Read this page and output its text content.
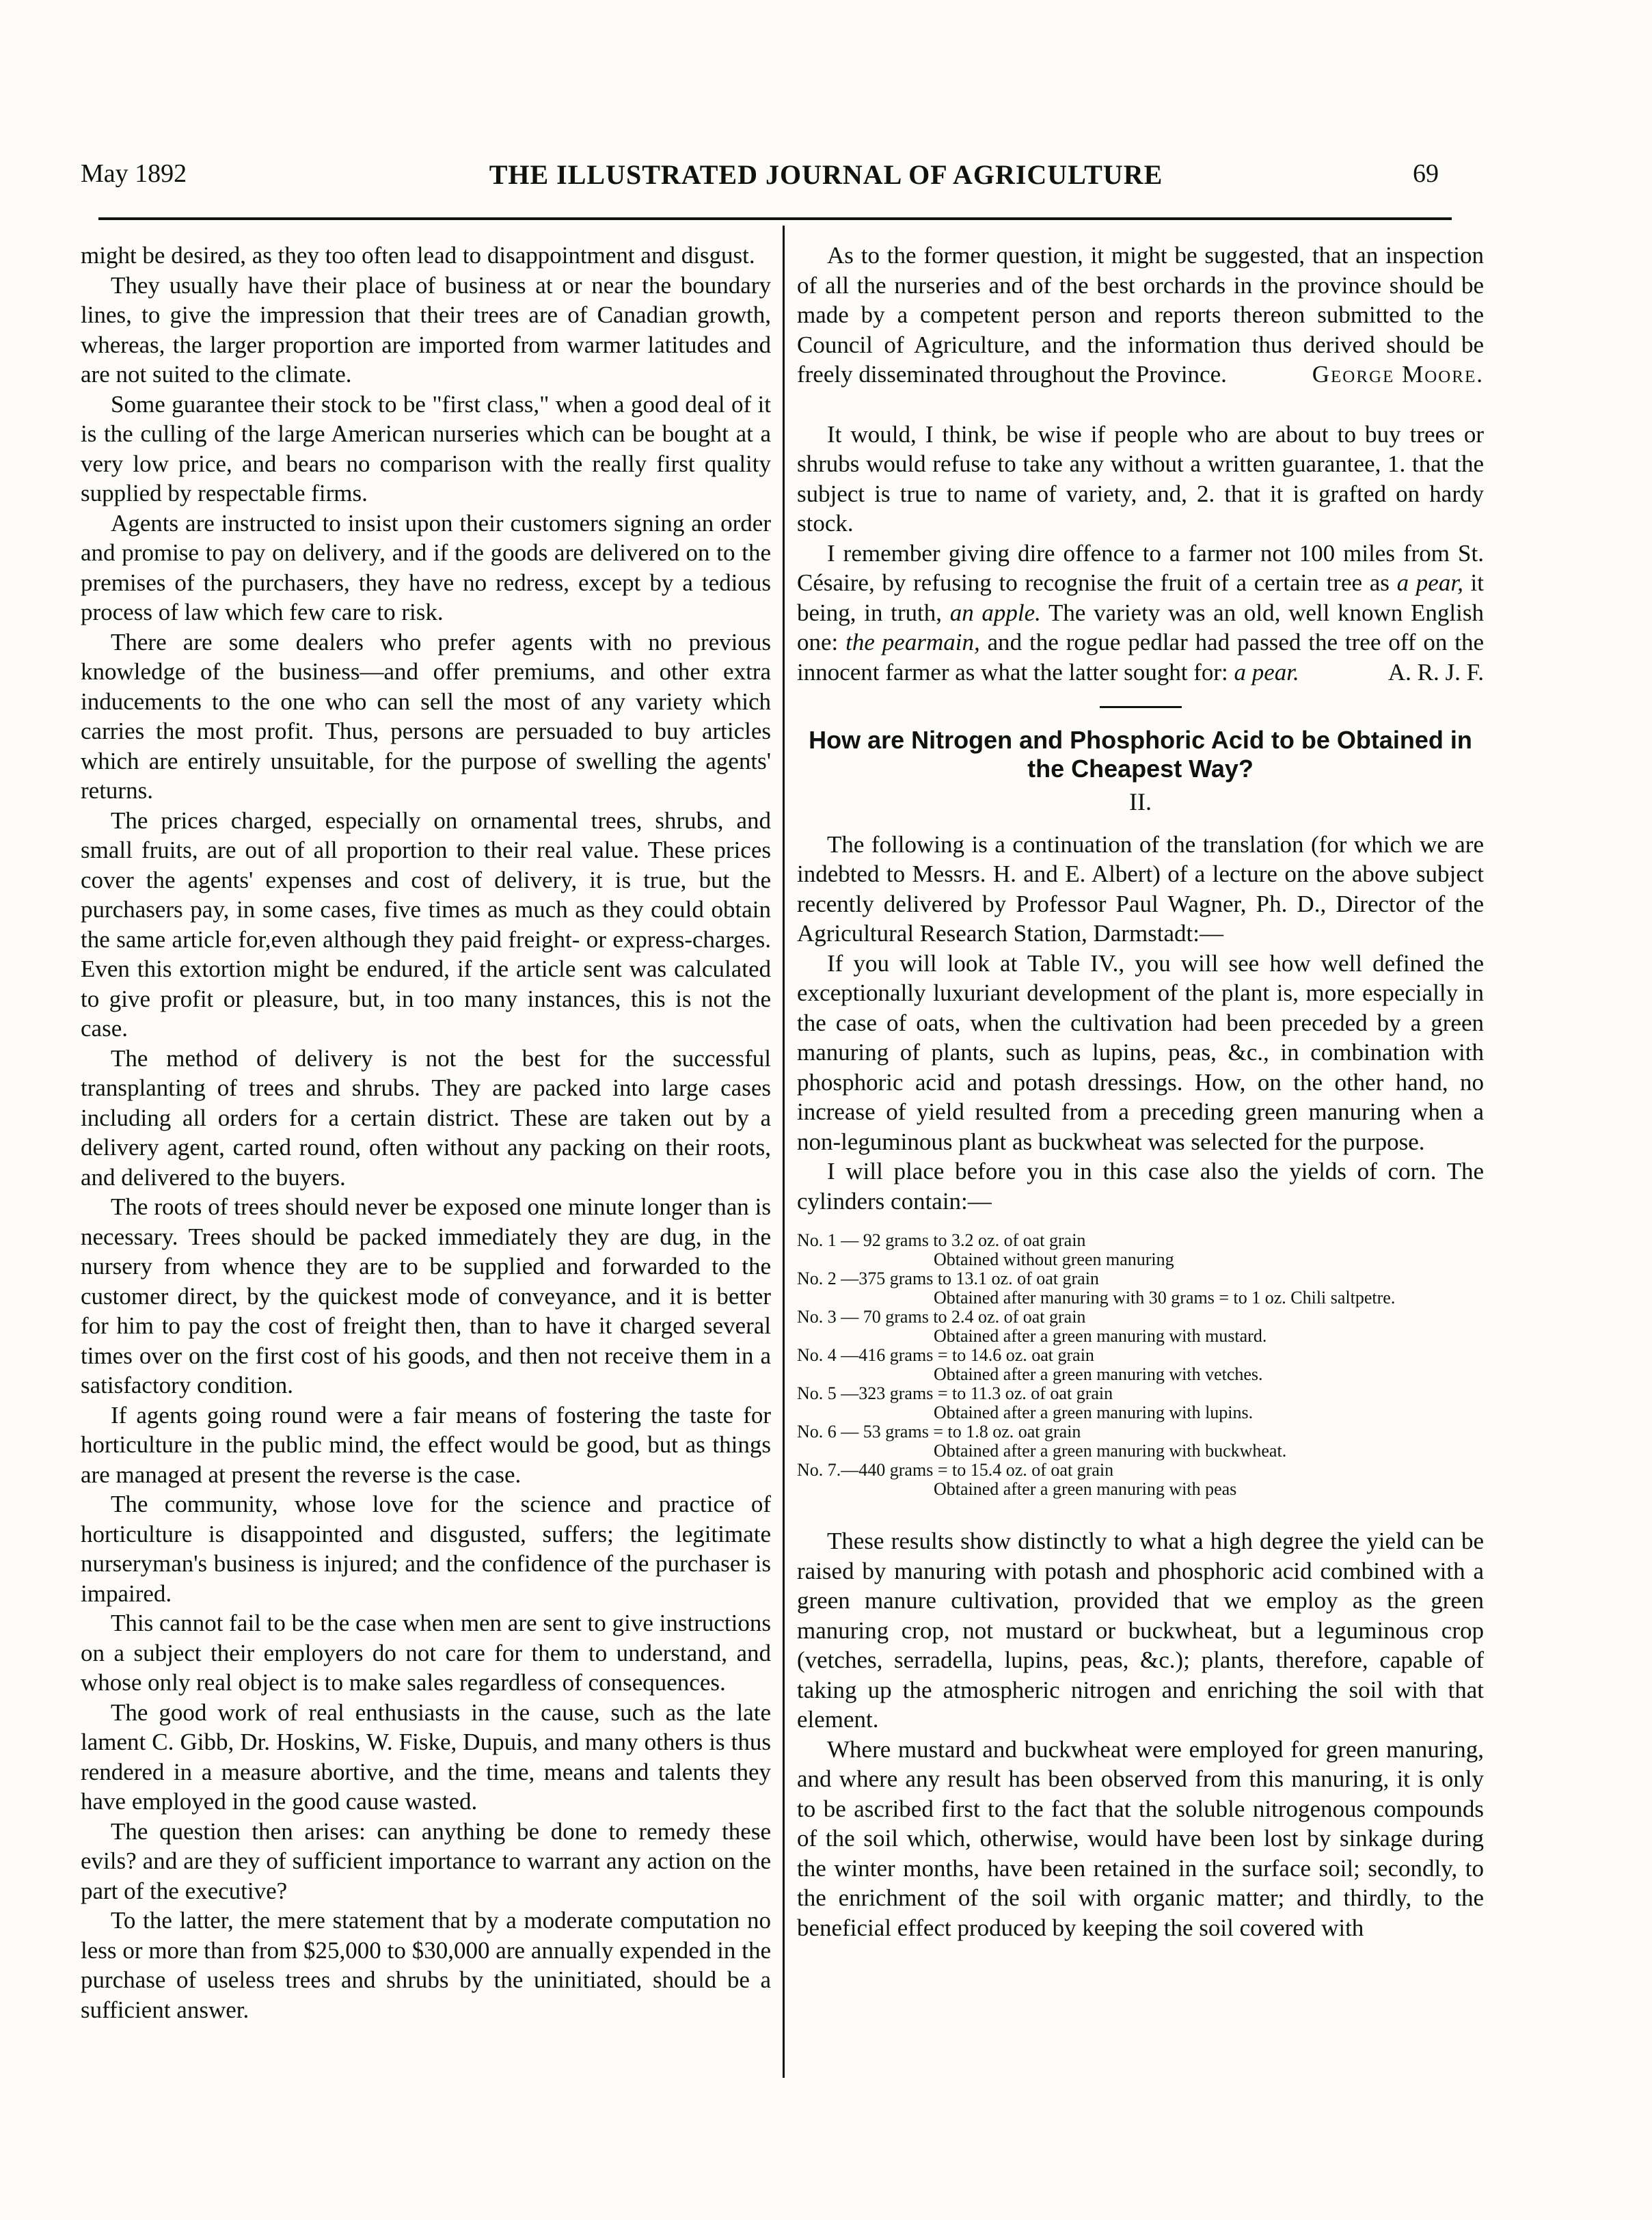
May 1892	THE ILLUSTRATED JOURNAL OF AGRICULTURE	69

might be desired, as they too often lead to disappointment and disgust.

They usually have their place of business at or near the boundary lines, to give the impression that their trees are of Canadian growth, whereas, the larger proportion are imported from warmer latitudes and are not suited to the climate.

Some guarantee their stock to be "first class," when a good deal of it is the culling of the large American nurseries which can be bought at a very low price, and bears no comparison with the really first quality supplied by respectable firms.

Agents are instructed to insist upon their customers signing an order and promise to pay on delivery, and if the goods are delivered on to the premises of the purchasers, they have no redress, except by a tedious process of law which few care to risk.

There are some dealers who prefer agents with no previous knowledge of the business—and offer premiums, and other extra inducements to the one who can sell the most of any variety which carries the most profit. Thus, persons are persuaded to buy articles which are entirely unsuitable, for the purpose of swelling the agents' returns.

The prices charged, especially on ornamental trees, shrubs, and small fruits, are out of all proportion to their real value. These prices cover the agents' expenses and cost of delivery, it is true, but the purchasers pay, in some cases, five times as much as they could obtain the same article for,even although they paid freight- or express-charges. Even this extortion might be endured, if the article sent was calculated to give profit or pleasure, but, in too many instances, this is not the case.

The method of delivery is not the best for the successful transplanting of trees and shrubs. They are packed into large cases including all orders for a certain district. These are taken out by a delivery agent, carted round, often without any packing on their roots, and delivered to the buyers.

The roots of trees should never be exposed one minute longer than is necessary. Trees should be packed immediately they are dug, in the nursery from whence they are to be supplied and forwarded to the customer direct, by the quickest mode of conveyance, and it is better for him to pay the cost of freight then, than to have it charged several times over on the first cost of his goods, and then not receive them in a satisfactory condition.

If agents going round were a fair means of fostering the taste for horticulture in the public mind, the effect would be good, but as things are managed at present the reverse is the case.

The community, whose love for the science and practice of horticulture is disappointed and disgusted, suffers; the legitimate nurseryman's business is injured; and the confidence of the purchaser is impaired.

This cannot fail to be the case when men are sent to give instructions on a subject their employers do not care for them to understand, and whose only real object is to make sales regardless of consequences.

The good work of real enthusiasts in the cause, such as the late lament C. Gibb, Dr. Hoskins, W. Fiske, Dupuis, and many others is thus rendered in a measure abortive, and the time, means and talents they have employed in the good cause wasted.

The question then arises: can anything be done to remedy these evils? and are they of sufficient importance to warrant any action on the part of the executive?

To the latter, the mere statement that by a moderate computation no less or more than from $25,000 to $30,000 are annually expended in the purchase of useless trees and shrubs by the uninitiated, should be a sufficient answer.

As to the former question, it might be suggested, that an inspection of all the nurseries and of the best orchards in the province should be made by a competent person and reports thereon submitted to the Council of Agriculture, and the information thus derived should be freely disseminated throughout the Province.	George Moore.

It would, I think, be wise if people who are about to buy trees or shrubs would refuse to take any without a written guarantee, 1. that the subject is true to name of variety, and, 2. that it is grafted on hardy stock.

I remember giving dire offence to a farmer not 100 miles from St. Césaire, by refusing to recognise the fruit of a certain tree as a pear, it being, in truth, an apple. The variety was an old, well known English one: the pearmain, and the rogue pedlar had passed the tree off on the innocent farmer as what the latter sought for: a pear.	A. R. J. F.

How are Nitrogen and Phosphoric Acid to be Obtained in the Cheapest Way?
II.

The following is a continuation of the translation (for which we are indebted to Messrs. H. and E. Albert) of a lecture on the above subject recently delivered by Professor Paul Wagner, Ph. D., Director of the Agricultural Research Station, Darmstadt:—

If you will look at Table IV., you will see how well defined the exceptionally luxuriant development of the plant is, more especially in the case of oats, when the cultivation had been preceded by a green manuring of plants, such as lupins, peas, &c., in combination with phosphoric acid and potash dressings. How, on the other hand, no increase of yield resulted from a preceding green manuring when a non-leguminous plant as buckwheat was selected for the purpose.

I will place before you in this case also the yields of corn. The cylinders contain:—

No. 1 — 92 grams to 3.2 oz. of oat grain
Obtained without green manuring
No. 2 —375 grams to 13.1 oz. of oat grain
Obtained after manuring with 30 grams = to 1 oz. Chili saltpetre.
No. 3 — 70 grams to 2.4 oz. of oat grain
Obtained after a green manuring with mustard.
No. 4 —416 grams = to 14.6 oz. oat grain
Obtained after a green manuring with vetches.
No. 5 —323 grams = to 11.3 oz. of oat grain
Obtained after a green manuring with lupins.
No. 6 — 53 grams = to 1.8 oz. oat grain
Obtained after a green manuring with buckwheat.
No. 7.—440 grams = to 15.4 oz. of oat grain
Obtained after a green manuring with peas

These results show distinctly to what a high degree the yield can be raised by manuring with potash and phosphoric acid combined with a green manure cultivation, provided that we employ as the green manuring crop, not mustard or buckwheat, but a leguminous crop (vetches, serradella, lupins, peas, &c.); plants, therefore, capable of taking up the atmospheric nitrogen and enriching the soil with that element.

Where mustard and buckwheat were employed for green manuring, and where any result has been observed from this manuring, it is only to be ascribed first to the fact that the soluble nitrogenous compounds of the soil which, otherwise, would have been lost by sinkage during the winter months, have been retained in the surface soil; secondly, to the enrichment of the soil with organic matter; and thirdly, to the beneficial effect produced by keeping the soil covered with
